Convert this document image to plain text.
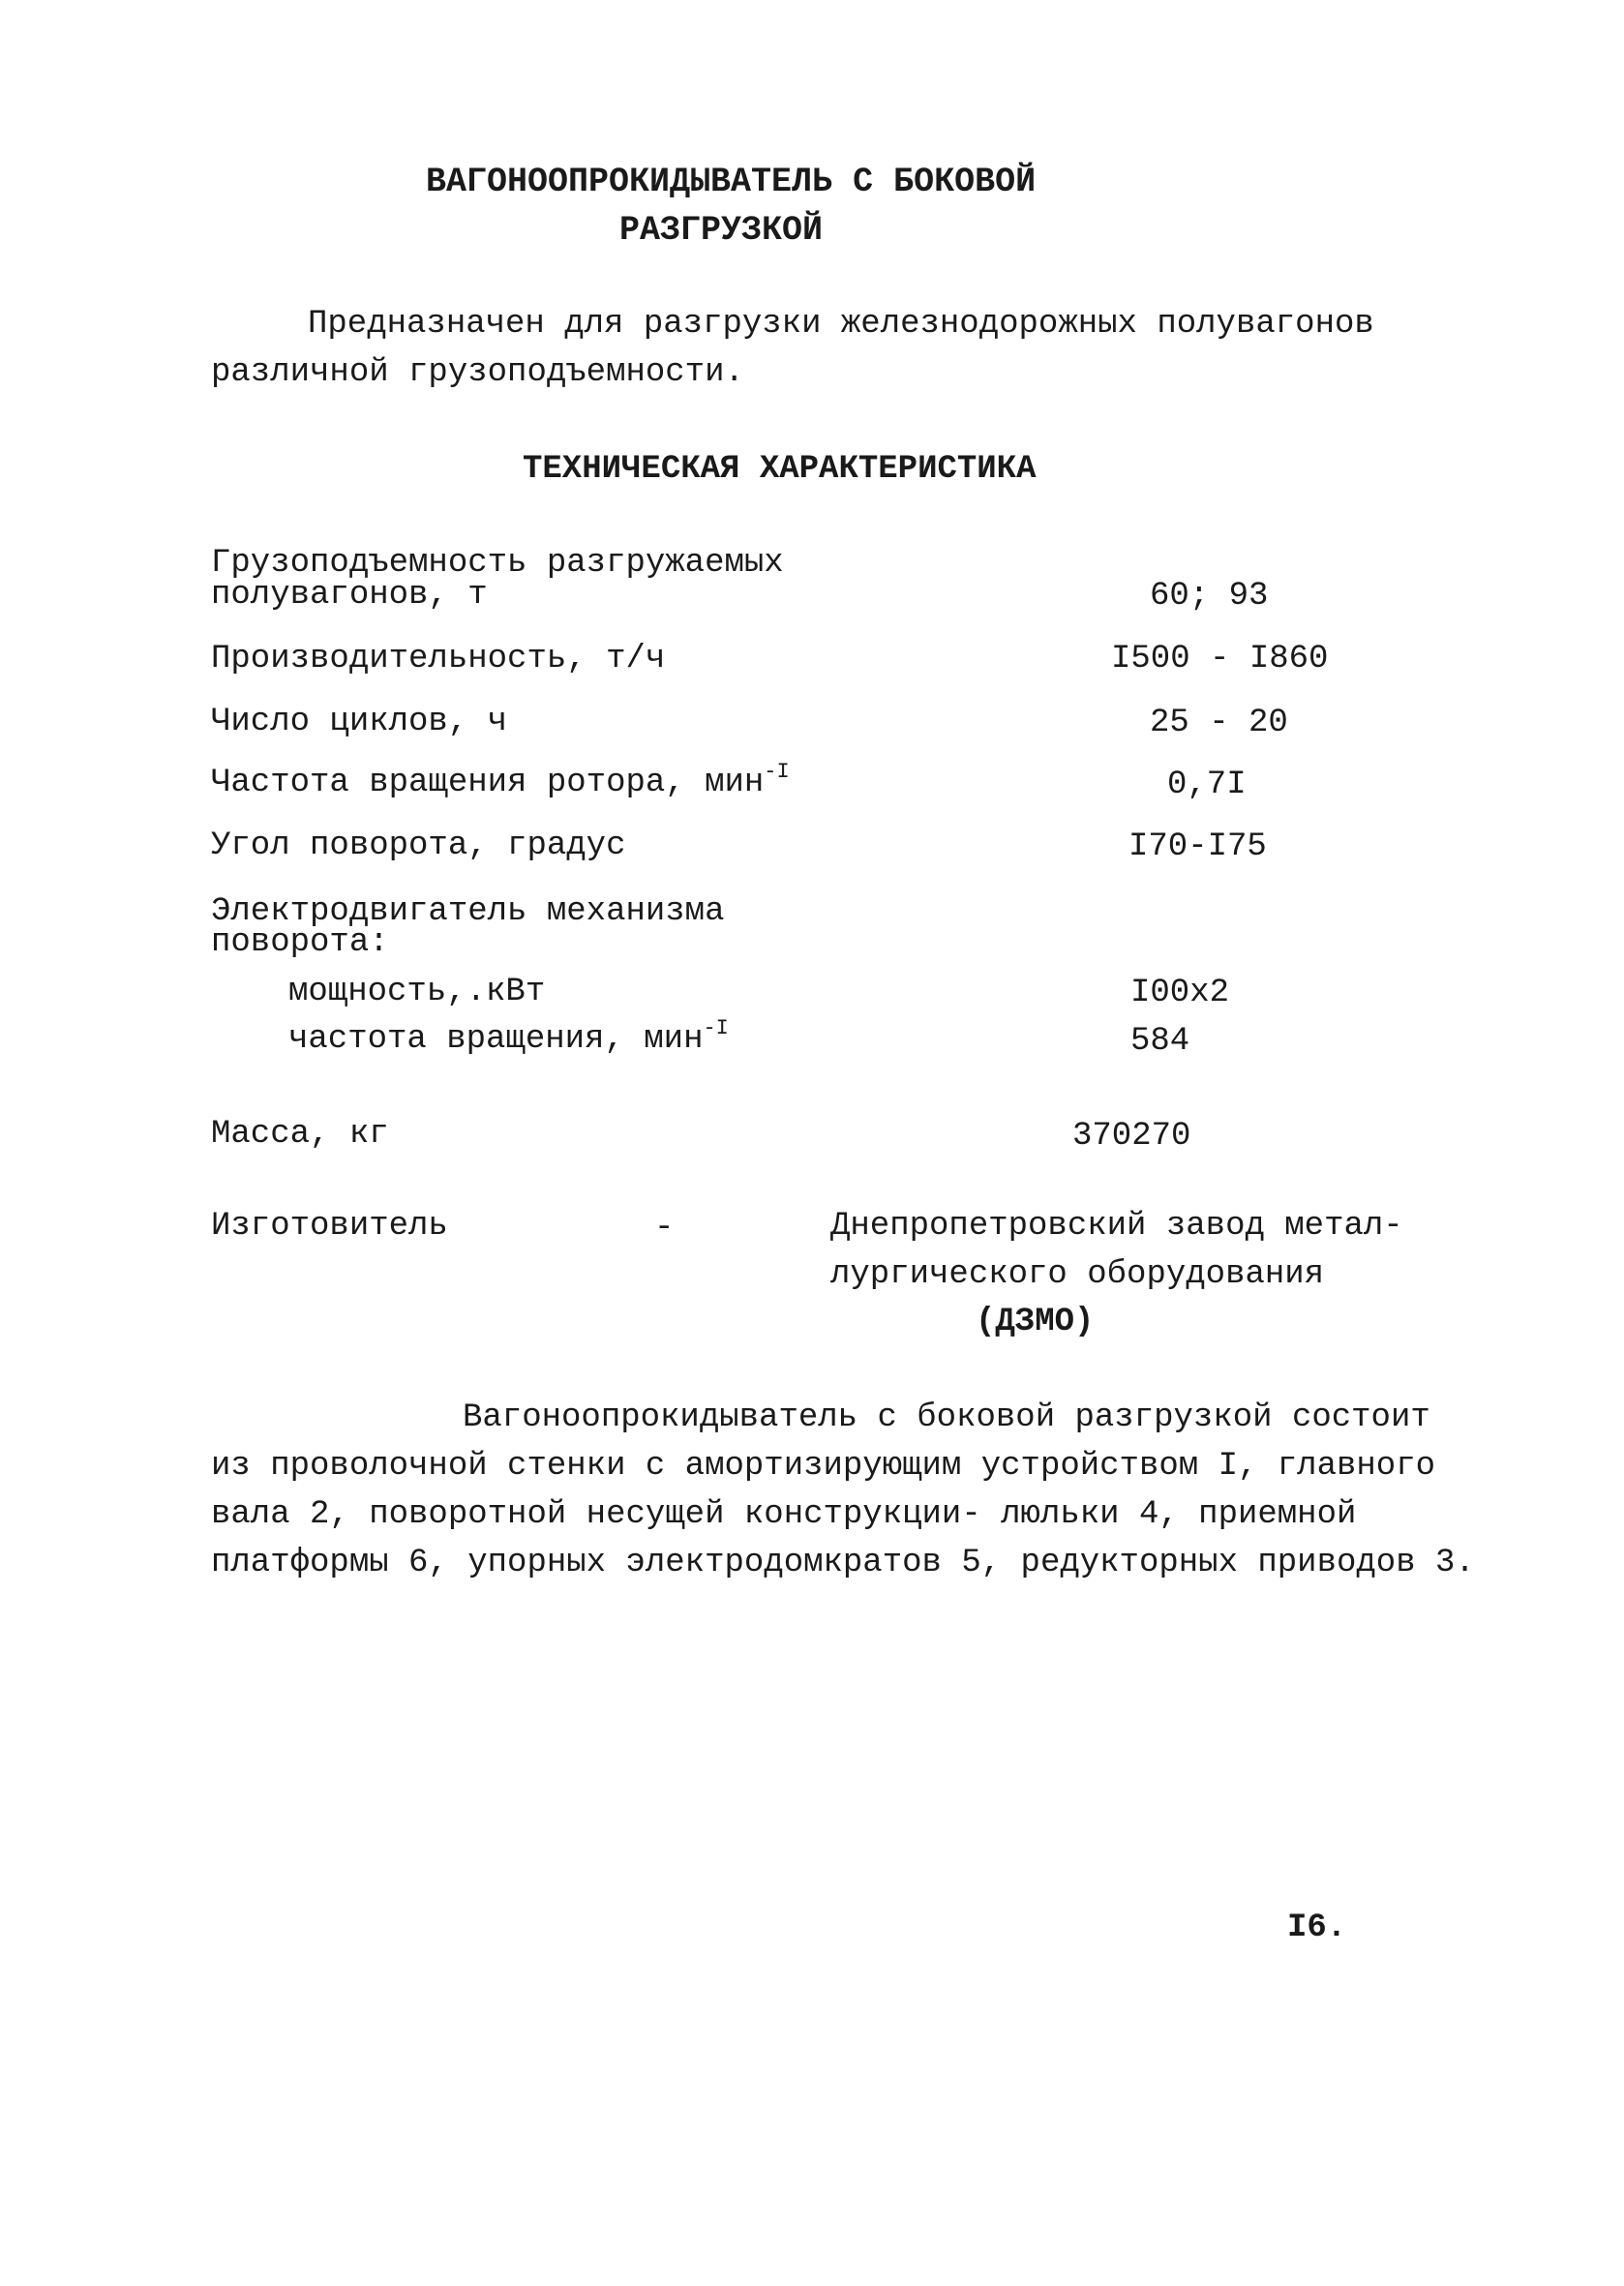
ВАГОНООПРОКИДЫВАТЕЛЬ С БОКОВОЙ
РАЗГРУЗКОЙ
Предназначен для разгрузки железнодорожных полувагонов
различной грузоподъемности.
ТЕХНИЧЕСКАЯ ХАРАКТЕРИСТИКА
Грузоподъемность разгружаемых
полувагонов, т	60; 93
Производительность, т/ч	I500 - I860
Число циклов, ч	25 - 20
Частота вращения ротора, мин$^{-I}$	0,7I
Угол поворота, градус	I70-I75
Электродвигатель механизма
поворота:
мощность,.кВт	I00x2
частота вращения, мин$^{-I}$	584
Масса, кг	370270
Изготовитель	-	Днепропетровский завод метал-
лургического оборудования
(ДЗМО)
Вагоноопрокидыватель с боковой разгрузкой состоит
из проволочной стенки с амортизирующим устройством I, главного
вала 2, поворотной несущей конструкции- люльки 4, приемной
платформы 6, упорных электродомкратов 5, редукторных приводов 3.
I6.
